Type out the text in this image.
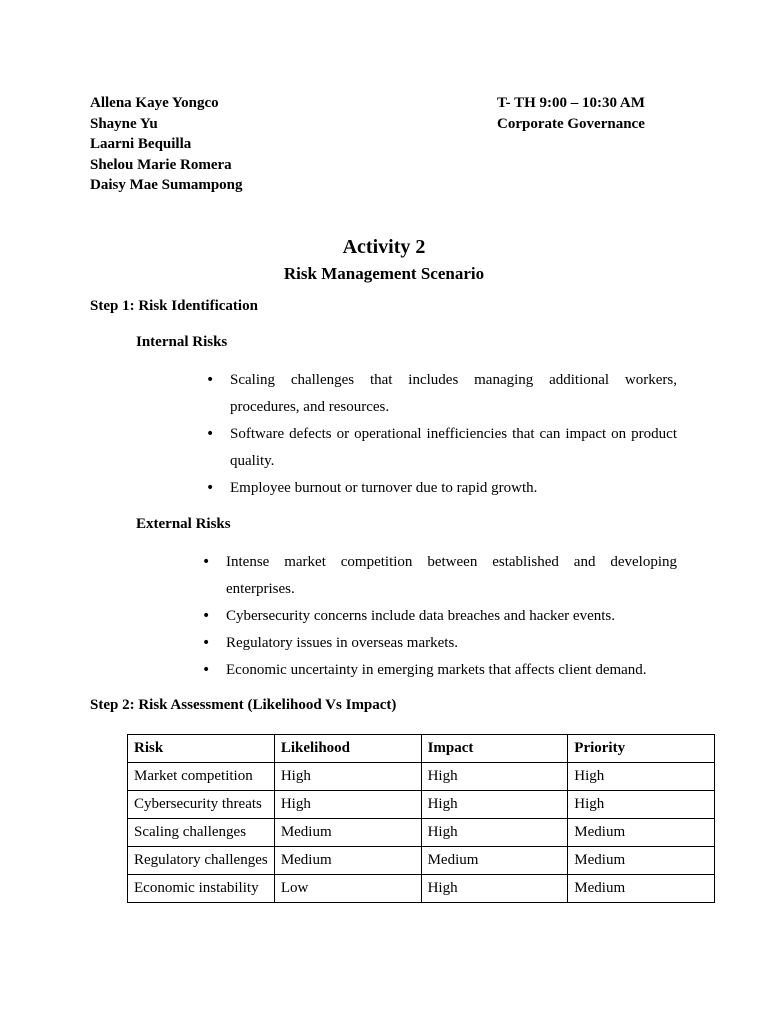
Allena Kaye Yongco
Shayne Yu
Laarni Bequilla
Shelou Marie Romera
Daisy Mae Sumampong
T- TH 9:00 – 10:30 AM
Corporate Governance
Activity 2
Risk Management Scenario
Step 1: Risk Identification
Internal Risks
• Scaling challenges that includes managing additional workers, procedures, and resources.
• Software defects or operational inefficiencies that can impact on product quality.
• Employee burnout or turnover due to rapid growth.
External Risks
• Intense market competition between established and developing enterprises.
• Cybersecurity concerns include data breaches and hacker events.
• Regulatory issues in overseas markets.
• Economic uncertainty in emerging markets that affects client demand.
Step 2: Risk Assessment (Likelihood Vs Impact)
Risk	Likelihood	Impact	Priority
Market competition	High	High	High
Cybersecurity threats	High	High	High
Scaling challenges	Medium	High	Medium
Regulatory challenges	Medium	Medium	Medium
Economic instability	Low	High	Medium
